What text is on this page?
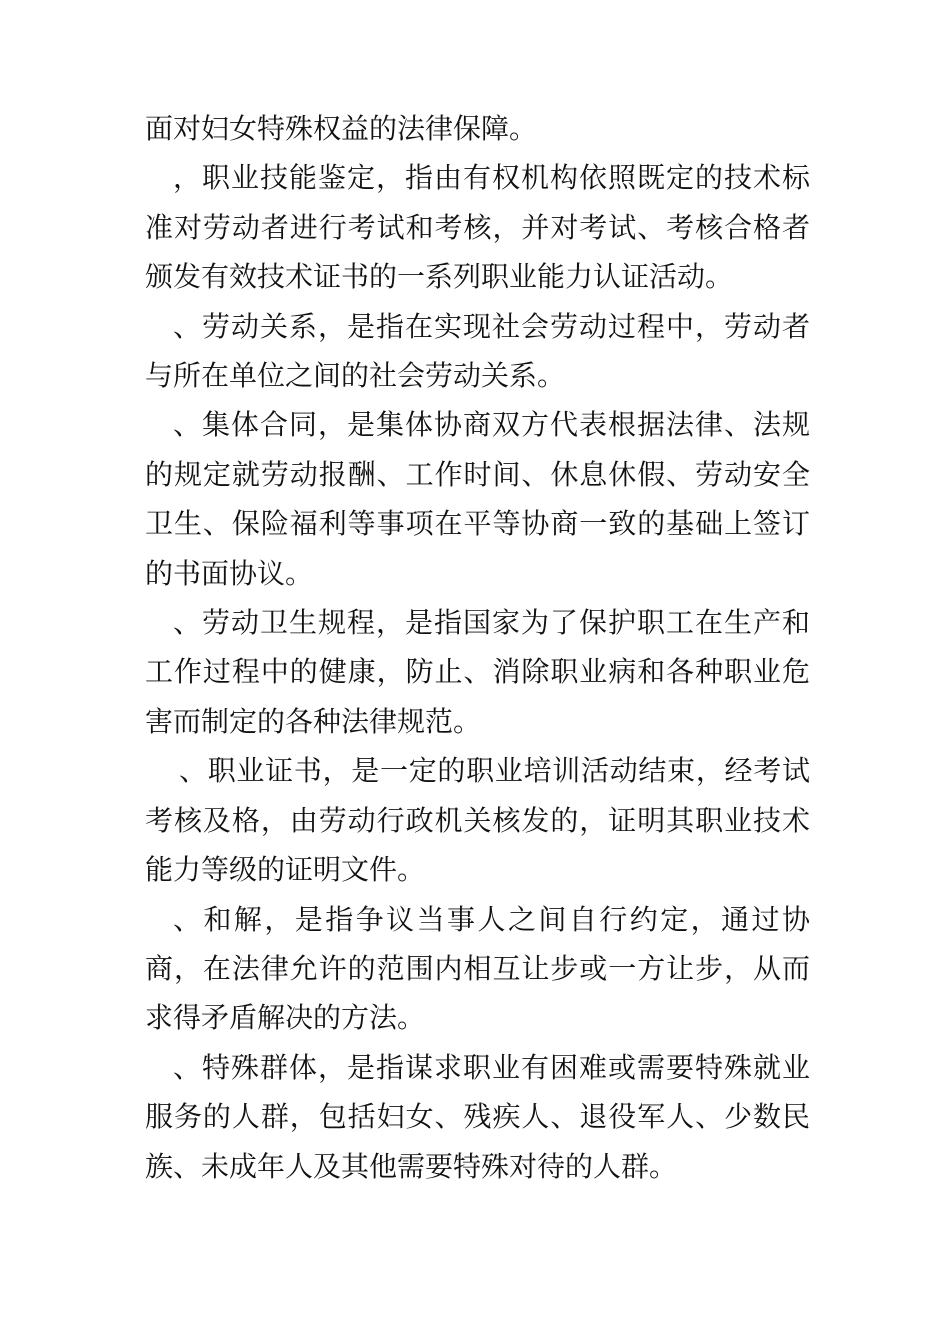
面对妇女特殊权益的法律保障。

，职业技能鉴定，指由有权机构依照既定的技术标准对劳动者进行考试和考核，并对考试、考核合格者颁发有效技术证书的一系列职业能力认证活动。

、劳动关系，是指在实现社会劳动过程中，劳动者与所在单位之间的社会劳动关系。

、集体合同，是集体协商双方代表根据法律、法规的规定就劳动报酬、工作时间、休息休假、劳动安全卫生、保险福利等事项在平等协商一致的基础上签订的书面协议。

、劳动卫生规程，是指国家为了保护职工在生产和工作过程中的健康，防止、消除职业病和各种职业危害而制定的各种法律规范。

、职业证书，是一定的职业培训活动结束，经考试考核及格，由劳动行政机关核发的，证明其职业技术能力等级的证明文件。

、和解，是指争议当事人之间自行约定，通过协商，在法律允许的范围内相互让步或一方让步，从而求得矛盾解决的方法。

、特殊群体，是指谋求职业有困难或需要特殊就业服务的人群，包括妇女、残疾人、退役军人、少数民族、未成年人及其他需要特殊对待的人群。
